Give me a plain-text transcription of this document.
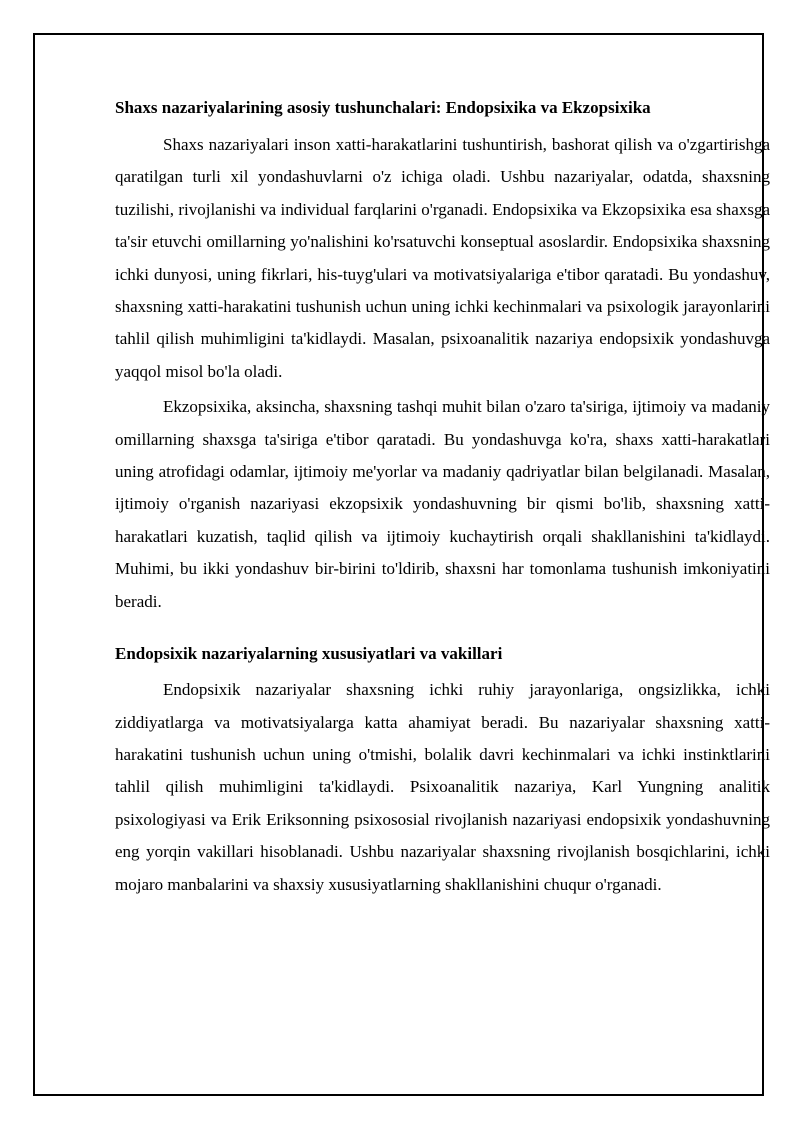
Shaxs nazariyalarining asosiy tushunchalari: Endopsixika va Ekzopsixika

Shaxs nazariyalari inson xatti-harakatlarini tushuntirish, bashorat qilish va o'zgartirishga qaratilgan turli xil yondashuvlarni o'z ichiga oladi. Ushbu nazariyalar, odatda, shaxsning tuzilishi, rivojlanishi va individual farqlarini o'rganadi. Endopsixika va Ekzopsixika esa shaxsga ta'sir etuvchi omillarning yo'nalishini ko'rsatuvchi konseptual asoslardir. Endopsixika shaxsning ichki dunyosi, uning fikrlari, his-tuyg'ulari va motivatsiyalariga e'tibor qaratadi. Bu yondashuv, shaxsning xatti-harakatini tushunish uchun uning ichki kechinmalari va psixologik jarayonlarini tahlil qilish muhimligini ta'kidlaydi. Masalan, psixoanalitik nazariya endopsixik yondashuvga yaqqol misol bo'la oladi.

Ekzopsixika, aksincha, shaxsning tashqi muhit bilan o'zaro ta'siriga, ijtimoiy va madaniy omillarning shaxsga ta'siriga e'tibor qaratadi. Bu yondashuvga ko'ra, shaxs xatti-harakatlari uning atrofidagi odamlar, ijtimoiy me'yorlar va madaniy qadriyatlar bilan belgilanadi. Masalan, ijtimoiy o'rganish nazariyasi ekzopsixik yondashuvning bir qismi bo'lib, shaxsning xatti-harakatlari kuzatish, taqlid qilish va ijtimoiy kuchaytirish orqali shakllanishini ta'kidlaydi. Muhimi, bu ikki yondashuv bir-birini to'ldirib, shaxsni har tomonlama tushunish imkoniyatini beradi.

Endopsixik nazariyalarning xususiyatlari va vakillari

Endopsixik nazariyalar shaxsning ichki ruhiy jarayonlariga, ongsizlikka, ichki ziddiyatlarga va motivatsiyalarga katta ahamiyat beradi. Bu nazariyalar shaxsning xatti-harakatini tushunish uchun uning o'tmishi, bolalik davri kechinmalari va ichki instinktlarini tahlil qilish muhimligini ta'kidlaydi. Psixoanalitik nazariya, Karl Yungning analitik psixologiyasi va Erik Eriksonning psixososial rivojlanish nazariyasi endopsixik yondashuvning eng yorqin vakillari hisoblanadi. Ushbu nazariyalar shaxsning rivojlanish bosqichlarini, ichki mojaro manbalarini va shaxsiy xususiyatlarning shakllanishini chuqur o'rganadi.
